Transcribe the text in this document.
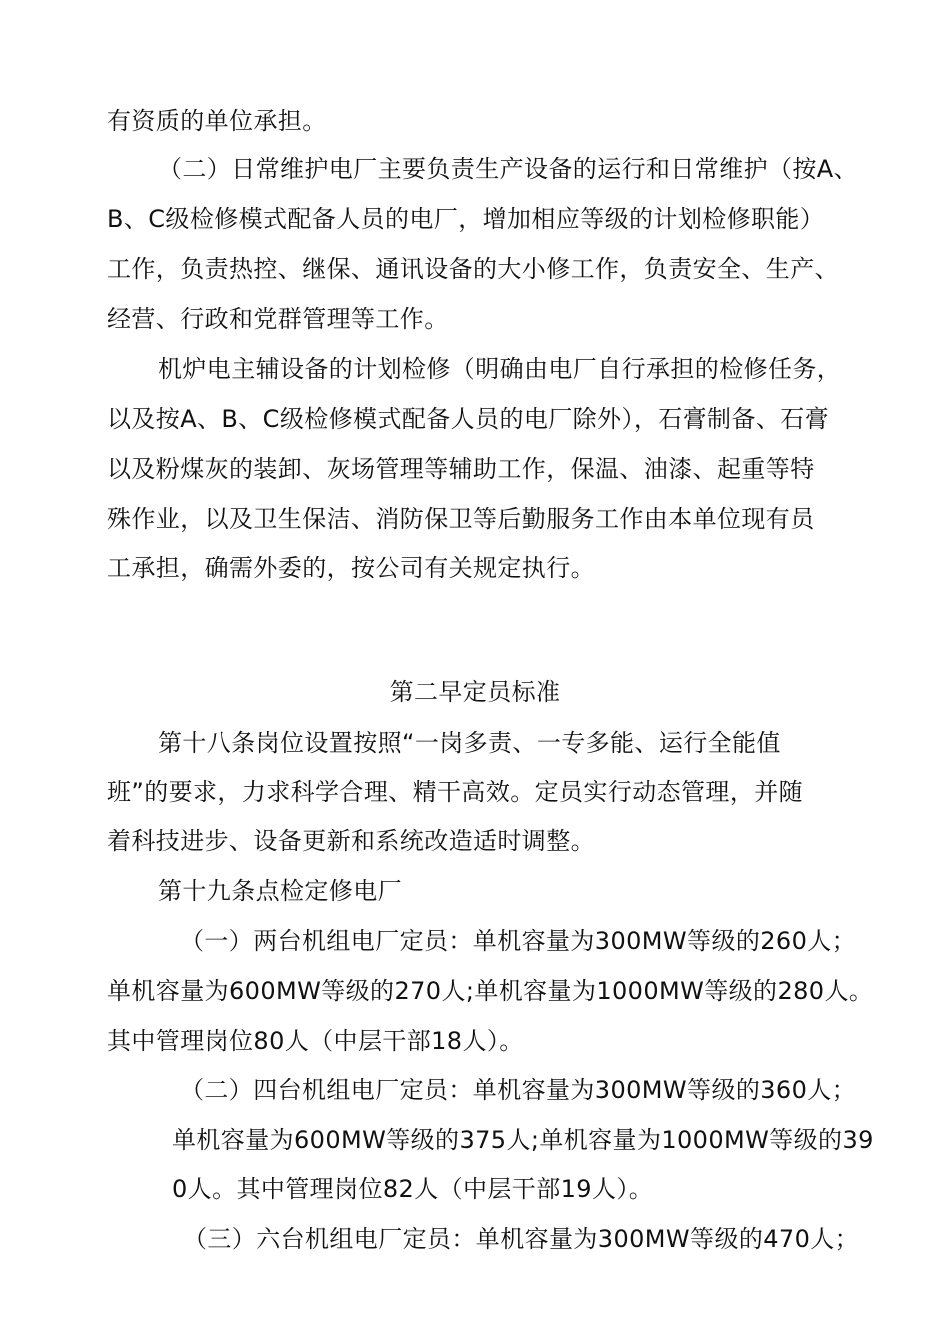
有资质的单位承担。
（二）日常维护电厂主要负责生产设备的运行和日常维护（按A、
B、C级检修模式配备人员的电厂，增加相应等级的计划检修职能）
工作，负责热控、继保、通讯设备的大小修工作，负责安全、生产、
经营、行政和党群管理等工作。
机炉电主辅设备的计划检修（明确由电厂自行承担的检修任务，
以及按A、B、C级检修模式配备人员的电厂除外），石膏制备、石膏
以及粉煤灰的装卸、灰场管理等辅助工作，保温、油漆、起重等特
殊作业，以及卫生保洁、消防保卫等后勤服务工作由本单位现有员
工承担，确需外委的，按公司有关规定执行。
第二早定员标准
第十八条岗位设置按照“一岗多责、一专多能、运行全能值
班”的要求，力求科学合理、精干高效。定员实行动态管理，并随
着科技进步、设备更新和系统改造适时调整。
第十九条点检定修电厂
（一）两台机组电厂定员：单机容量为300MW等级的260人；
单机容量为600MW等级的270人;单机容量为1000MW等级的280人。
其中管理岗位80人（中层干部18人）。
（二）四台机组电厂定员：单机容量为300MW等级的360人；
单机容量为600MW等级的375人;单机容量为1000MW等级的39
0人。其中管理岗位82人（中层干部19人）。
（三）六台机组电厂定员：单机容量为300MW等级的470人；
